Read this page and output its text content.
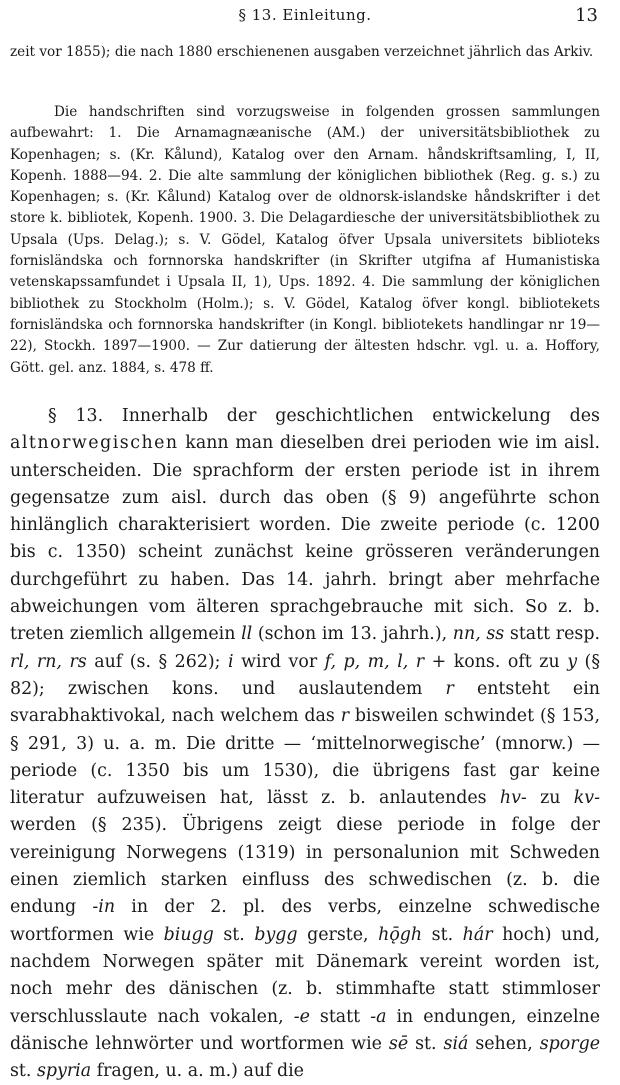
§ 13. Einleitung.	13

zeit vor 1855); die nach 1880 erschienenen ausgaben verzeichnet jährlich das Arkiv.

Die handschriften sind vorzugsweise in folgenden grossen sammlungen aufbewahrt: 1. Die Arnamagnæanische (AM.) der universitätsbibliothek zu Kopenhagen; s. (Kr. Kålund), Katalog over den Arnam. håndskriftsamling, I, II, Kopenh. 1888—94. 2. Die alte sammlung der königlichen bibliothek (Reg. g. s.) zu Kopenhagen; s. (Kr. Kålund) Katalog over de oldnorsk-islandske håndskrifter i det store k. bibliotek, Kopenh. 1900. 3. Die Delagardiesche der universitätsbibliothek zu Upsala (Ups. Delag.); s. V. Gödel, Katalog öfver Upsala universitets biblioteks fornisländska och fornnorska handskrifter (in Skrifter utgifna af Humanistiska vetenskapssamfundet i Upsala II, 1), Ups. 1892. 4. Die sammlung der königlichen bibliothek zu Stockholm (Holm.); s. V. Gödel, Katalog öfver kongl. bibliotekets fornisländska och fornnorska handskrifter (in Kongl. bibliotekets handlingar nr 19—22), Stockh. 1897—1900. — Zur datierung der ältesten hdschr. vgl. u. a. Hoffory, Gött. gel. anz. 1884, s. 478 ff.

§ 13. Innerhalb der geschichtlichen entwickelung des altnorwegischen kann man dieselben drei perioden wie im aisl. unterscheiden. Die sprachform der ersten periode ist in ihrem gegensatze zum aisl. durch das oben (§ 9) angeführte schon hinlänglich charakterisiert worden. Die zweite periode (c. 1200 bis c. 1350) scheint zunächst keine grösseren veränderungen durchgeführt zu haben. Das 14. jahrh. bringt aber mehrfache abweichungen vom älteren sprachgebrauche mit sich. So z. b. treten ziemlich allgemein ll (schon im 13. jahrh.), nn, ss statt resp. rl, rn, rs auf (s. § 262); i wird vor f, p, m, l, r + kons. oft zu y (§ 82); zwischen kons. und auslautendem r entsteht ein svarabhaktivokal, nach welchem das r bisweilen schwindet (§ 153, § 291, 3) u. a. m. Die dritte — ‘mittelnorwegische’ (mnorw.) — periode (c. 1350 bis um 1530), die übrigens fast gar keine literatur aufzuweisen hat, lässt z. b. anlautendes hv- zu kv- werden (§ 235). Übrigens zeigt diese periode in folge der vereinigung Norwegens (1319) in personalunion mit Schweden einen ziemlich starken einfluss des schwedischen (z. b. die endung -in in der 2. pl. des verbs, einzelne schwedische wortformen wie biugg st. bygg gerste, hǭgh st. hár hoch) und, nachdem Norwegen später mit Dänemark vereint worden ist, noch mehr des dänischen (z. b. stimmhafte statt stimmloser verschlusslaute nach vokalen, -e statt -a in endungen, einzelne dänische lehnwörter und wortformen wie sē st. siá sehen, sporge st. spyria fragen, u. a. m.) auf die
